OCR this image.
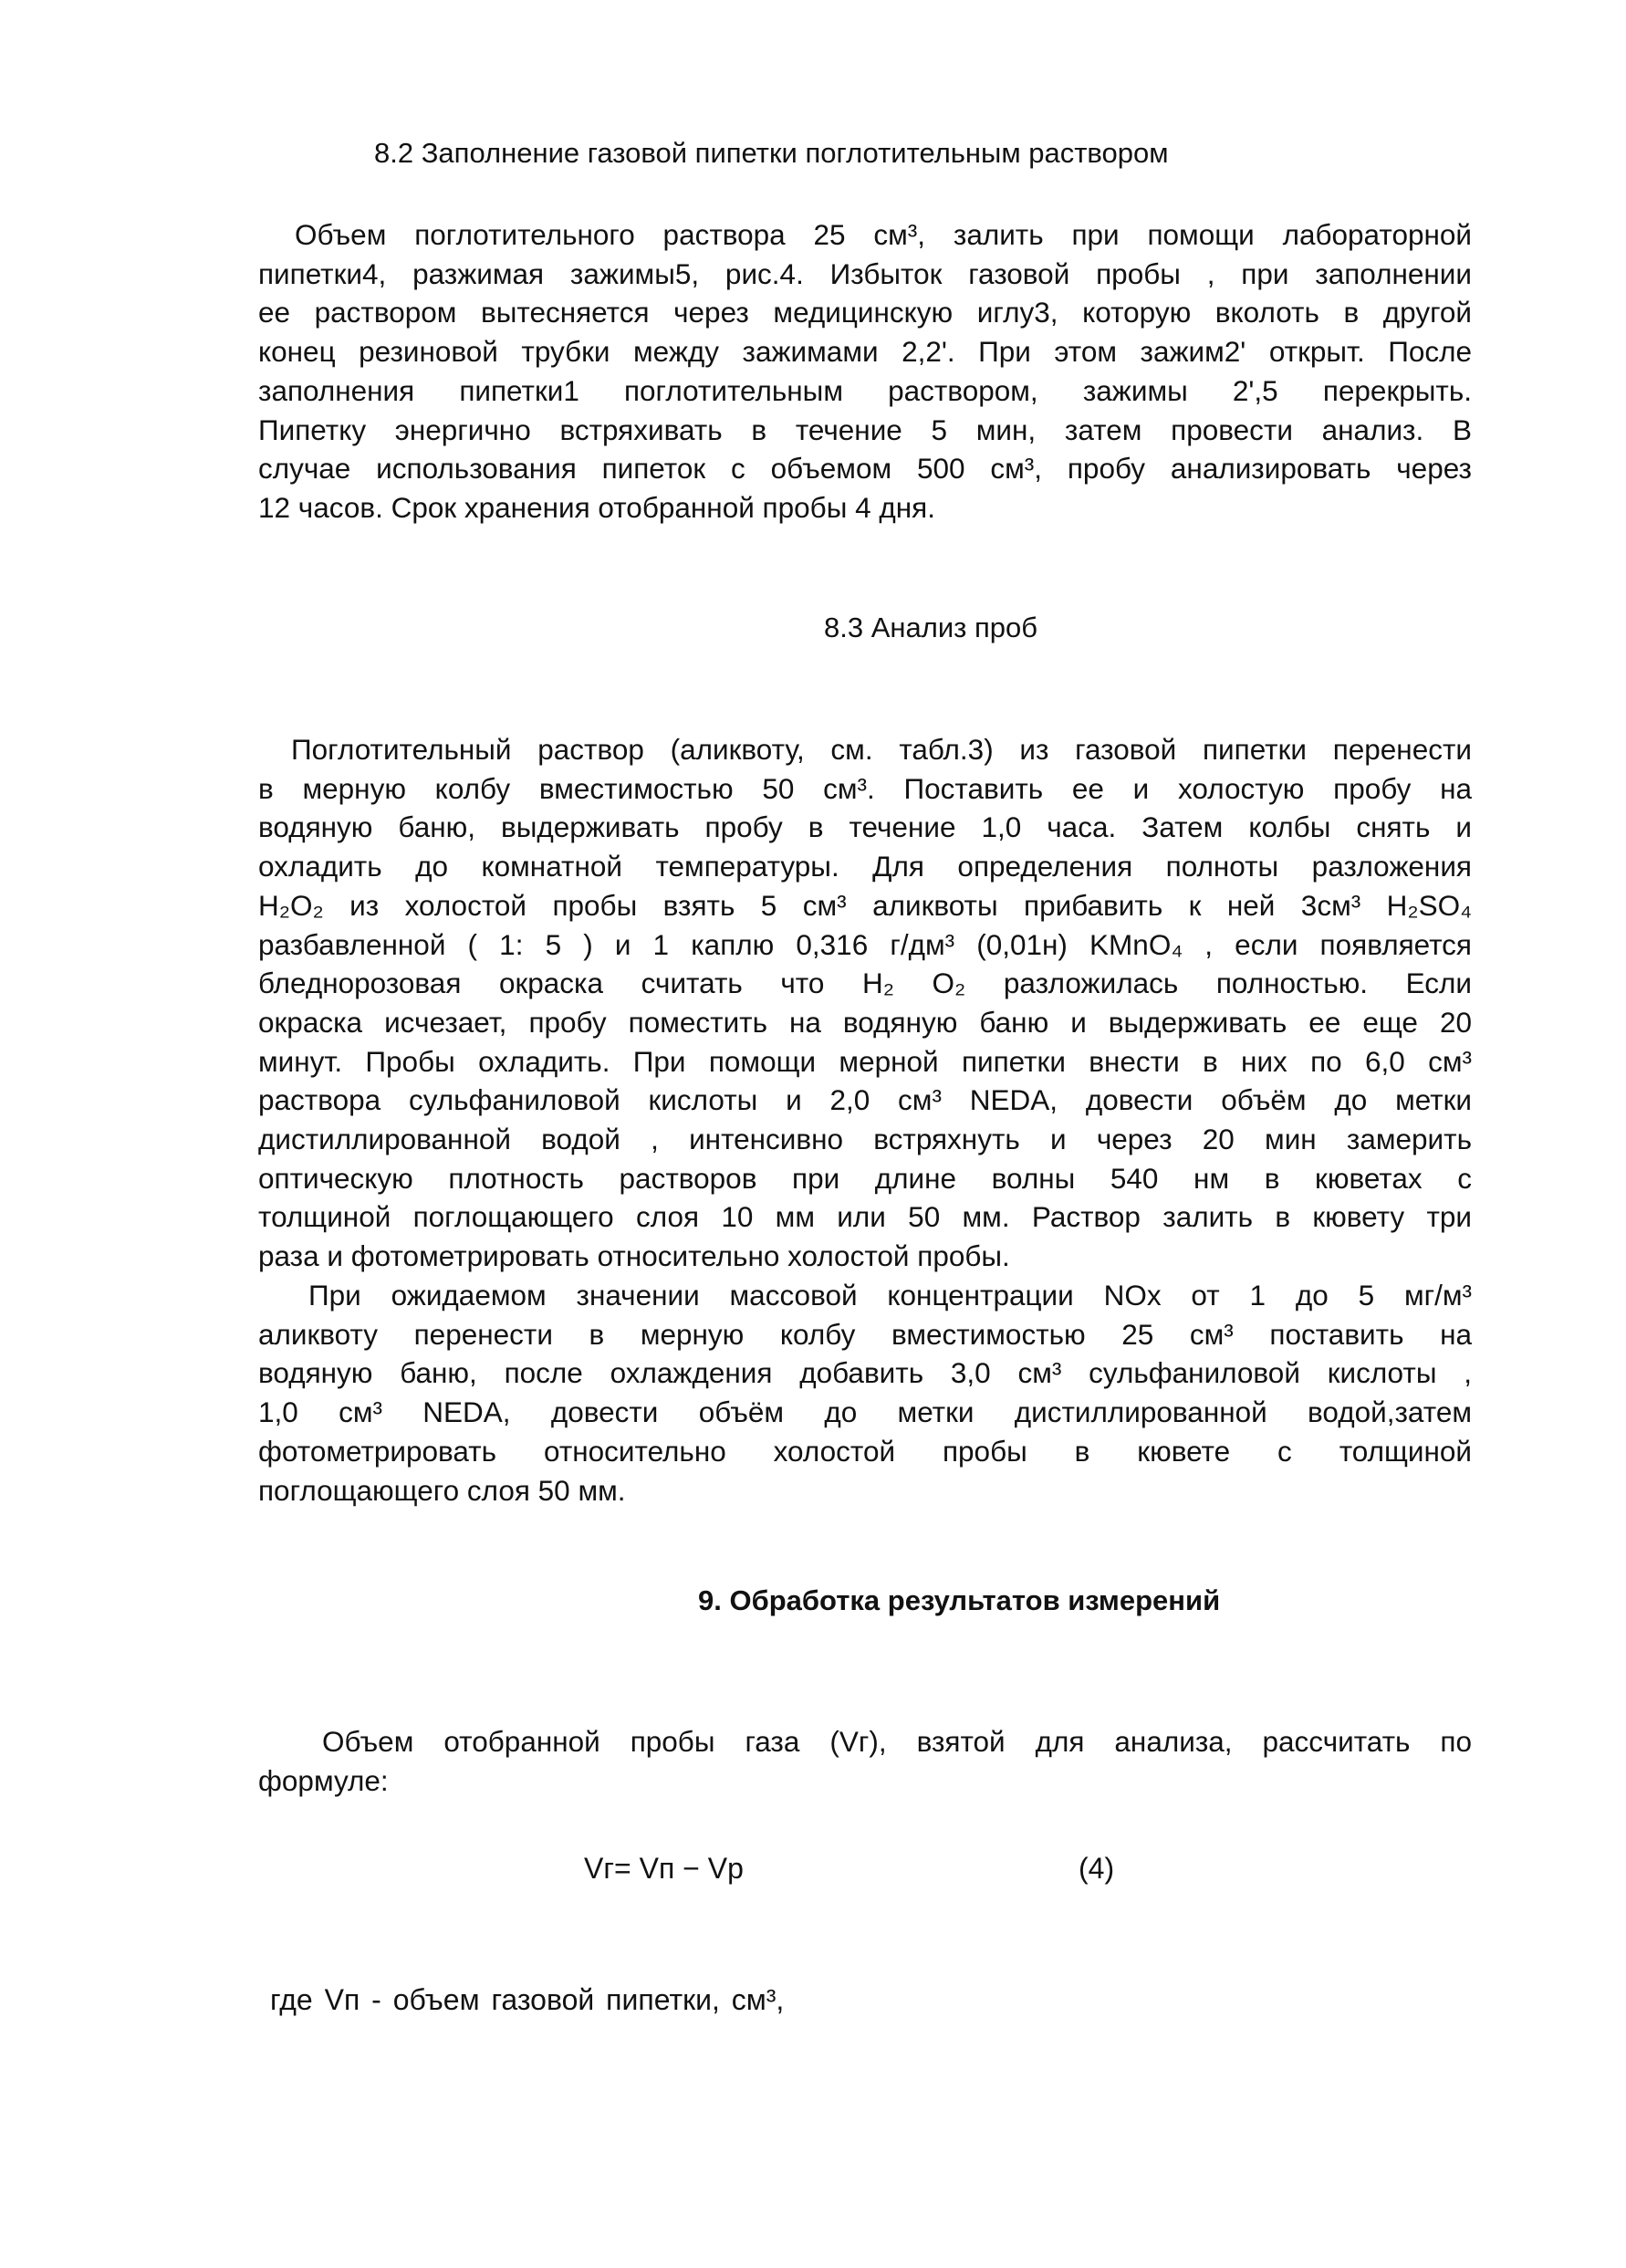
8.2 Заполнение газовой пипетки поглотительным раствором
Объем поглотительного раствора 25 см³, залить при помощи лабораторной
пипетки4, разжимая зажимы5, рис.4. Избыток газовой пробы , при заполнении
ее раствором вытесняется через медицинскую иглу3, которую вколоть в другой
конец резиновой трубки между зажимами 2,2'. При этом зажим2' открыт. После
заполнения пипетки1 поглотительным раствором, зажимы 2',5 перекрыть.
Пипетку энергично встряхивать в течение 5 мин, затем провести анализ. В
случае использования пипеток с объемом 500 см³, пробу анализировать через
12 часов. Срок хранения отобранной пробы 4 дня.
8.3 Анализ проб
Поглотительный раствор (аликвоту, см. табл.3) из газовой пипетки перенести
в мерную колбу вместимостью 50 см³. Поставить ее и холостую пробу на
водяную баню, выдерживать пробу в течение 1,0 часа. Затем колбы снять и
охладить до комнатной температуры. Для определения полноты разложения
H₂O₂ из холостой пробы взять 5 см³ аликвоты прибавить к ней 3см³ H₂SO₄
разбавленной ( 1: 5 ) и 1 каплю 0,316 г/дм³ (0,01н) KMnO₄ , если появляется
бледнорозовая окраска считать что H₂ O₂ разложилась полностью. Если
окраска исчезает, пробу поместить на водяную баню и выдерживать ее еще 20
минут. Пробы охладить. При помощи мерной пипетки внести в них по 6,0 см³
раствора сульфаниловой кислоты и 2,0 см³ NEDA, довести объём до метки
дистиллированной водой , интенсивно встряхнуть и через 20 мин замерить
оптическую плотность растворов при длине волны 540 нм в кюветах с
толщиной поглощающего слоя 10 мм или 50 мм. Раствор залить в кювету три
раза и фотометрировать относительно холостой пробы.
При ожидаемом значении массовой концентрации NOx от 1 до 5 мг/м³
аликвоту перенести в мерную колбу вместимостью 25 см³ поставить на
водяную баню, после охлаждения добавить 3,0 см³ сульфаниловой кислоты ,
1,0 см³ NEDA, довести объём до метки дистиллированной водой,затем
фотометрировать относительно холостой пробы в кювете с толщиной
поглощающего слоя 50 мм.
9. Обработка результатов измерений
Объем отобранной пробы газа (Vг), взятой для анализа, рассчитать по
формуле:
Vг= Vп − Vр	(4)
где Vп - объем газовой пипетки, см³,
